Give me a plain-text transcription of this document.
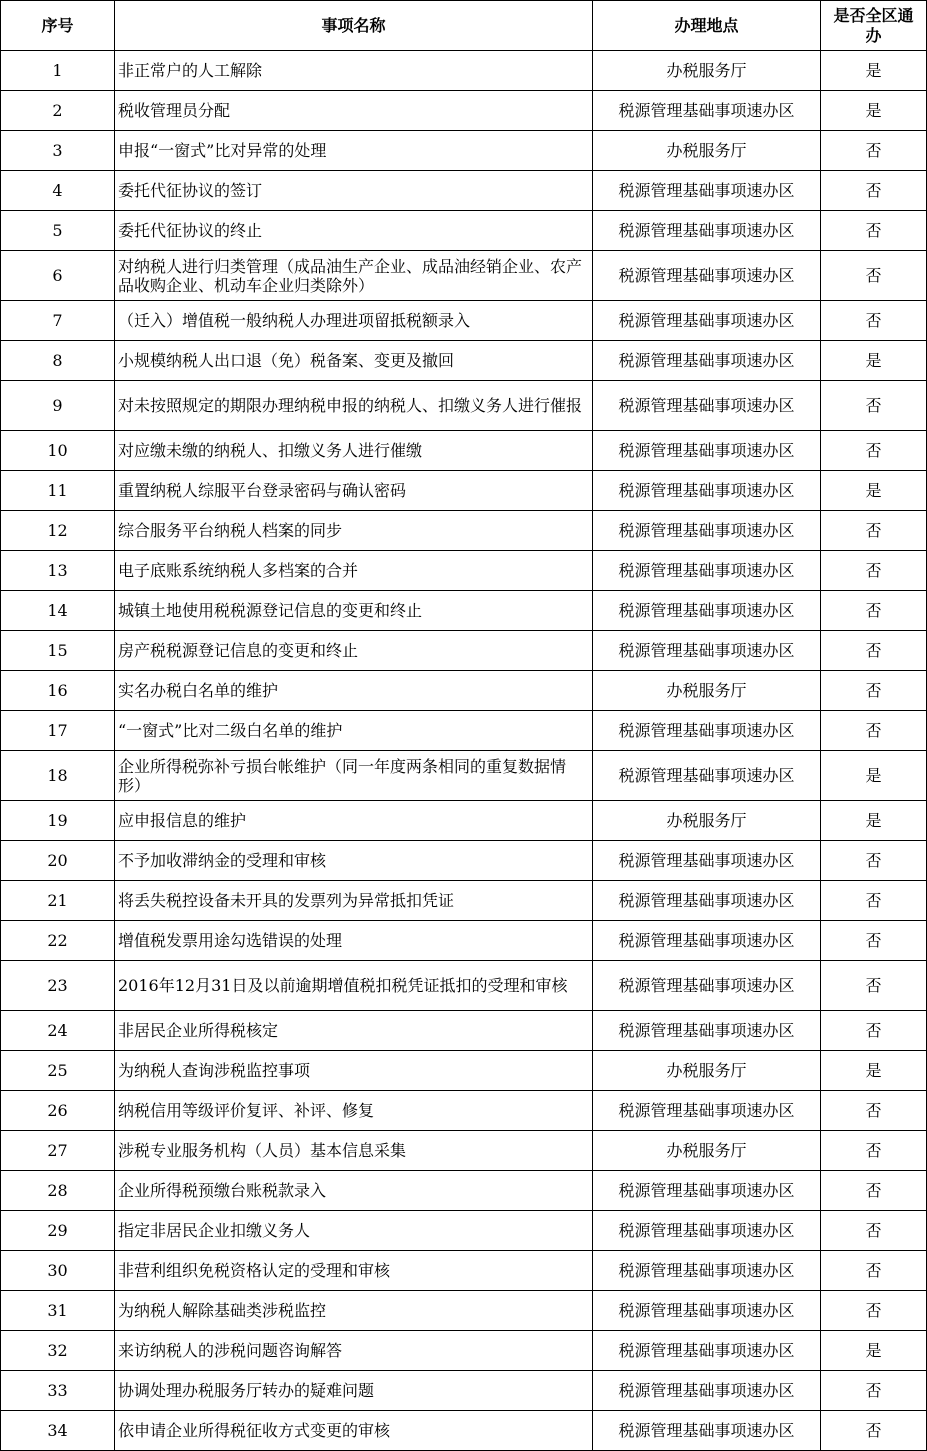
序号	事项名称	办理地点	是否全区通办
1	非正常户的人工解除	办税服务厅	是
2	税收管理员分配	税源管理基础事项速办区	是
3	申报“一窗式”比对异常的处理	办税服务厅	否
4	委托代征协议的签订	税源管理基础事项速办区	否
5	委托代征协议的终止	税源管理基础事项速办区	否
6	对纳税人进行归类管理（成品油生产企业、成品油经销企业、农产品收购企业、机动车企业归类除外）	税源管理基础事项速办区	否
7	（迁入）增值税一般纳税人办理进项留抵税额录入	税源管理基础事项速办区	否
8	小规模纳税人出口退（免）税备案、变更及撤回	税源管理基础事项速办区	是
9	对未按照规定的期限办理纳税申报的纳税人、扣缴义务人进行催报	税源管理基础事项速办区	否
10	对应缴未缴的纳税人、扣缴义务人进行催缴	税源管理基础事项速办区	否
11	重置纳税人综服平台登录密码与确认密码	税源管理基础事项速办区	是
12	综合服务平台纳税人档案的同步	税源管理基础事项速办区	否
13	电子底账系统纳税人多档案的合并	税源管理基础事项速办区	否
14	城镇土地使用税税源登记信息的变更和终止	税源管理基础事项速办区	否
15	房产税税源登记信息的变更和终止	税源管理基础事项速办区	否
16	实名办税白名单的维护	办税服务厅	否
17	“一窗式”比对二级白名单的维护	税源管理基础事项速办区	否
18	企业所得税弥补亏损台帐维护（同一年度两条相同的重复数据情形）	税源管理基础事项速办区	是
19	应申报信息的维护	办税服务厅	是
20	不予加收滞纳金的受理和审核	税源管理基础事项速办区	否
21	将丢失税控设备未开具的发票列为异常抵扣凭证	税源管理基础事项速办区	否
22	增值税发票用途勾选错误的处理	税源管理基础事项速办区	否
23	2016年12月31日及以前逾期增值税扣税凭证抵扣的受理和审核	税源管理基础事项速办区	否
24	非居民企业所得税核定	税源管理基础事项速办区	否
25	为纳税人查询涉税监控事项	办税服务厅	是
26	纳税信用等级评价复评、补评、修复	税源管理基础事项速办区	否
27	涉税专业服务机构（人员）基本信息采集	办税服务厅	否
28	企业所得税预缴台账税款录入	税源管理基础事项速办区	否
29	指定非居民企业扣缴义务人	税源管理基础事项速办区	否
30	非营利组织免税资格认定的受理和审核	税源管理基础事项速办区	否
31	为纳税人解除基础类涉税监控	税源管理基础事项速办区	否
32	来访纳税人的涉税问题咨询解答	税源管理基础事项速办区	是
33	协调处理办税服务厅转办的疑难问题	税源管理基础事项速办区	否
34	依申请企业所得税征收方式变更的审核	税源管理基础事项速办区	否
